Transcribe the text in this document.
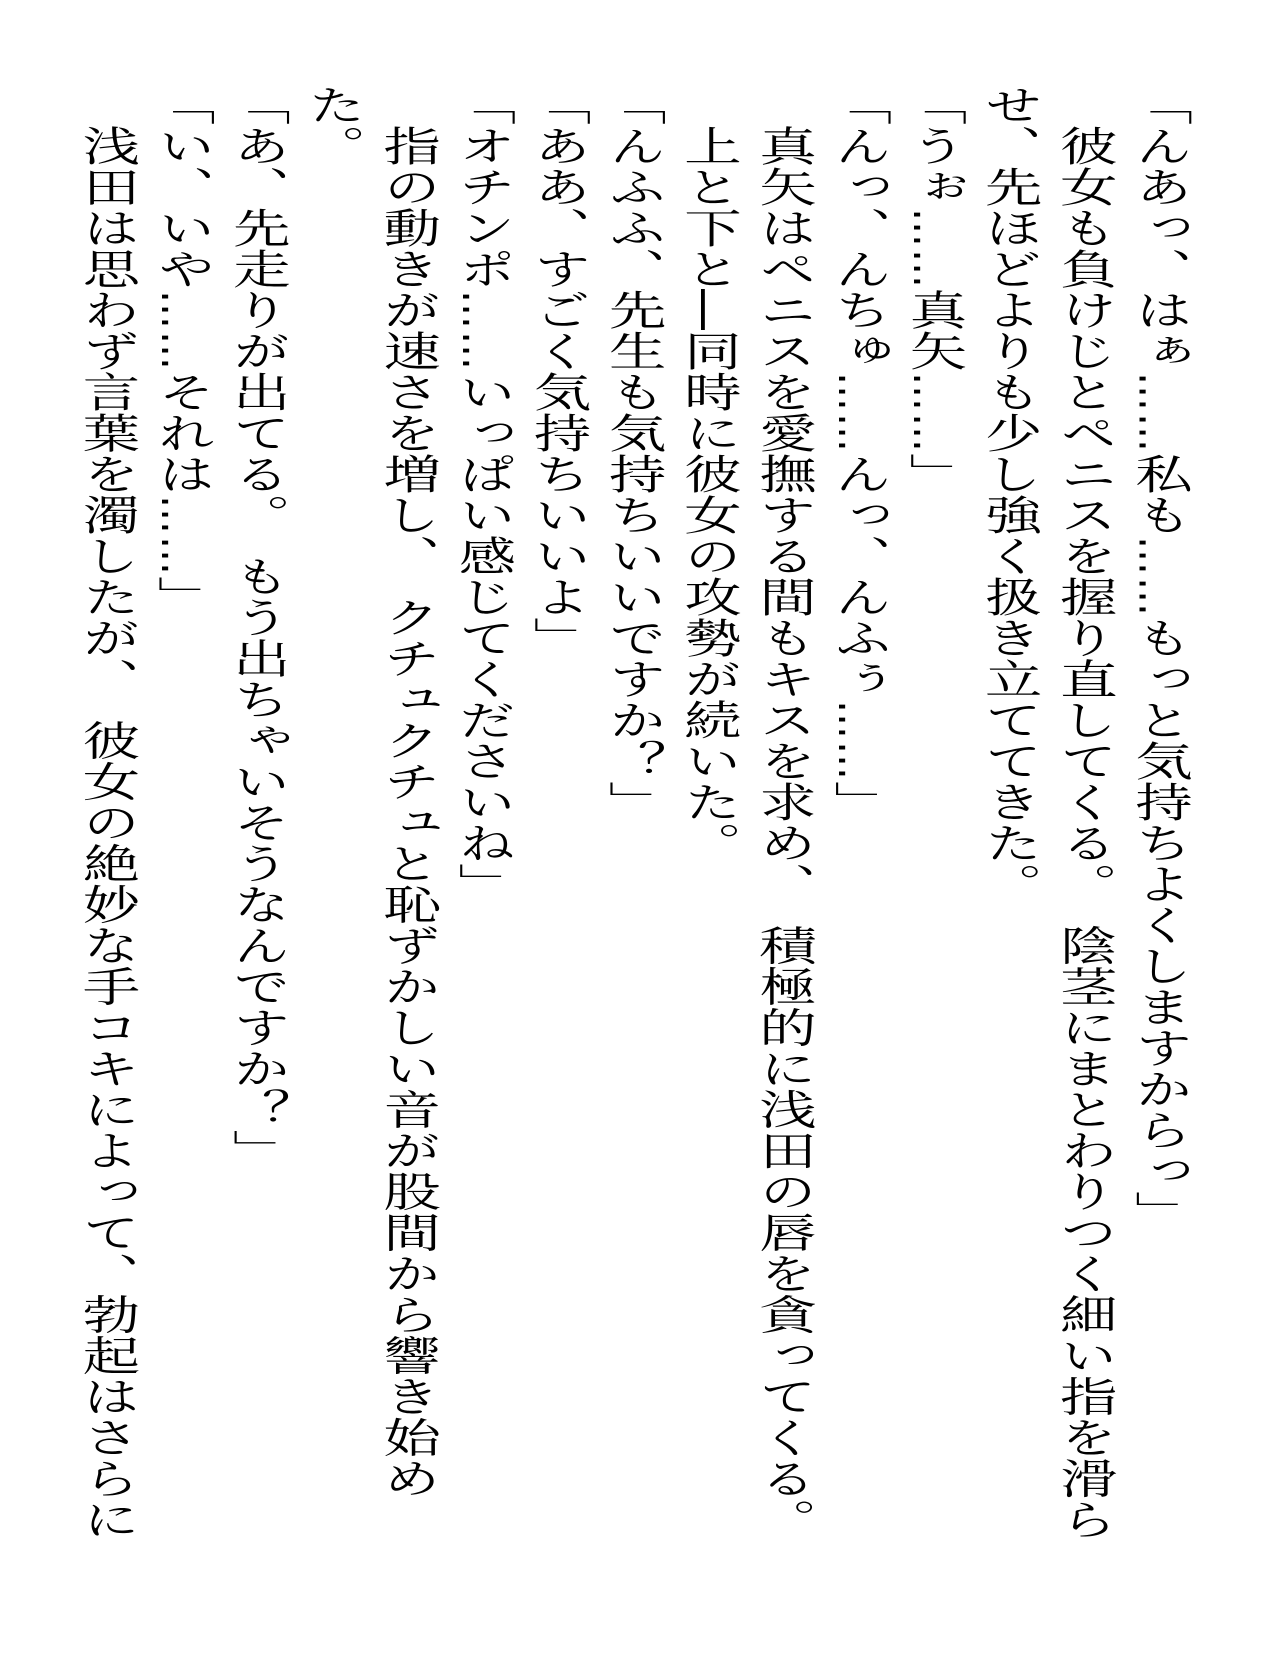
「んあっ、はぁ……私も……もっと気持ちよくしますからっ」
彼女も負けじとペニスを握り直してくる。　陰茎にまとわりつく細い指を滑ら
せ、先ほどよりも少し強く扱き立ててきた。
「うぉ……真矢……」
「んっ、んちゅ……んっ、んふぅ……」
真矢はペニスを愛撫する間もキスを求め、　積極的に浅田の唇を貪ってくる。
上と下と―同時に彼女の攻勢が続いた。
「んふふ、先生も気持ちいいですか？」
「ああ、すごく気持ちいいよ」
「オチンポ……いっぱい感じてくださいね」
指の動きが速さを増し、　クチュクチュと恥ずかしい音が股間から響き始め
た。
「あ、先走りが出てる。　もう出ちゃいそうなんですか？」
「い、いや……それは……」
浅田は思わず言葉を濁したが、　彼女の絶妙な手コキによって、勃起はさらに
